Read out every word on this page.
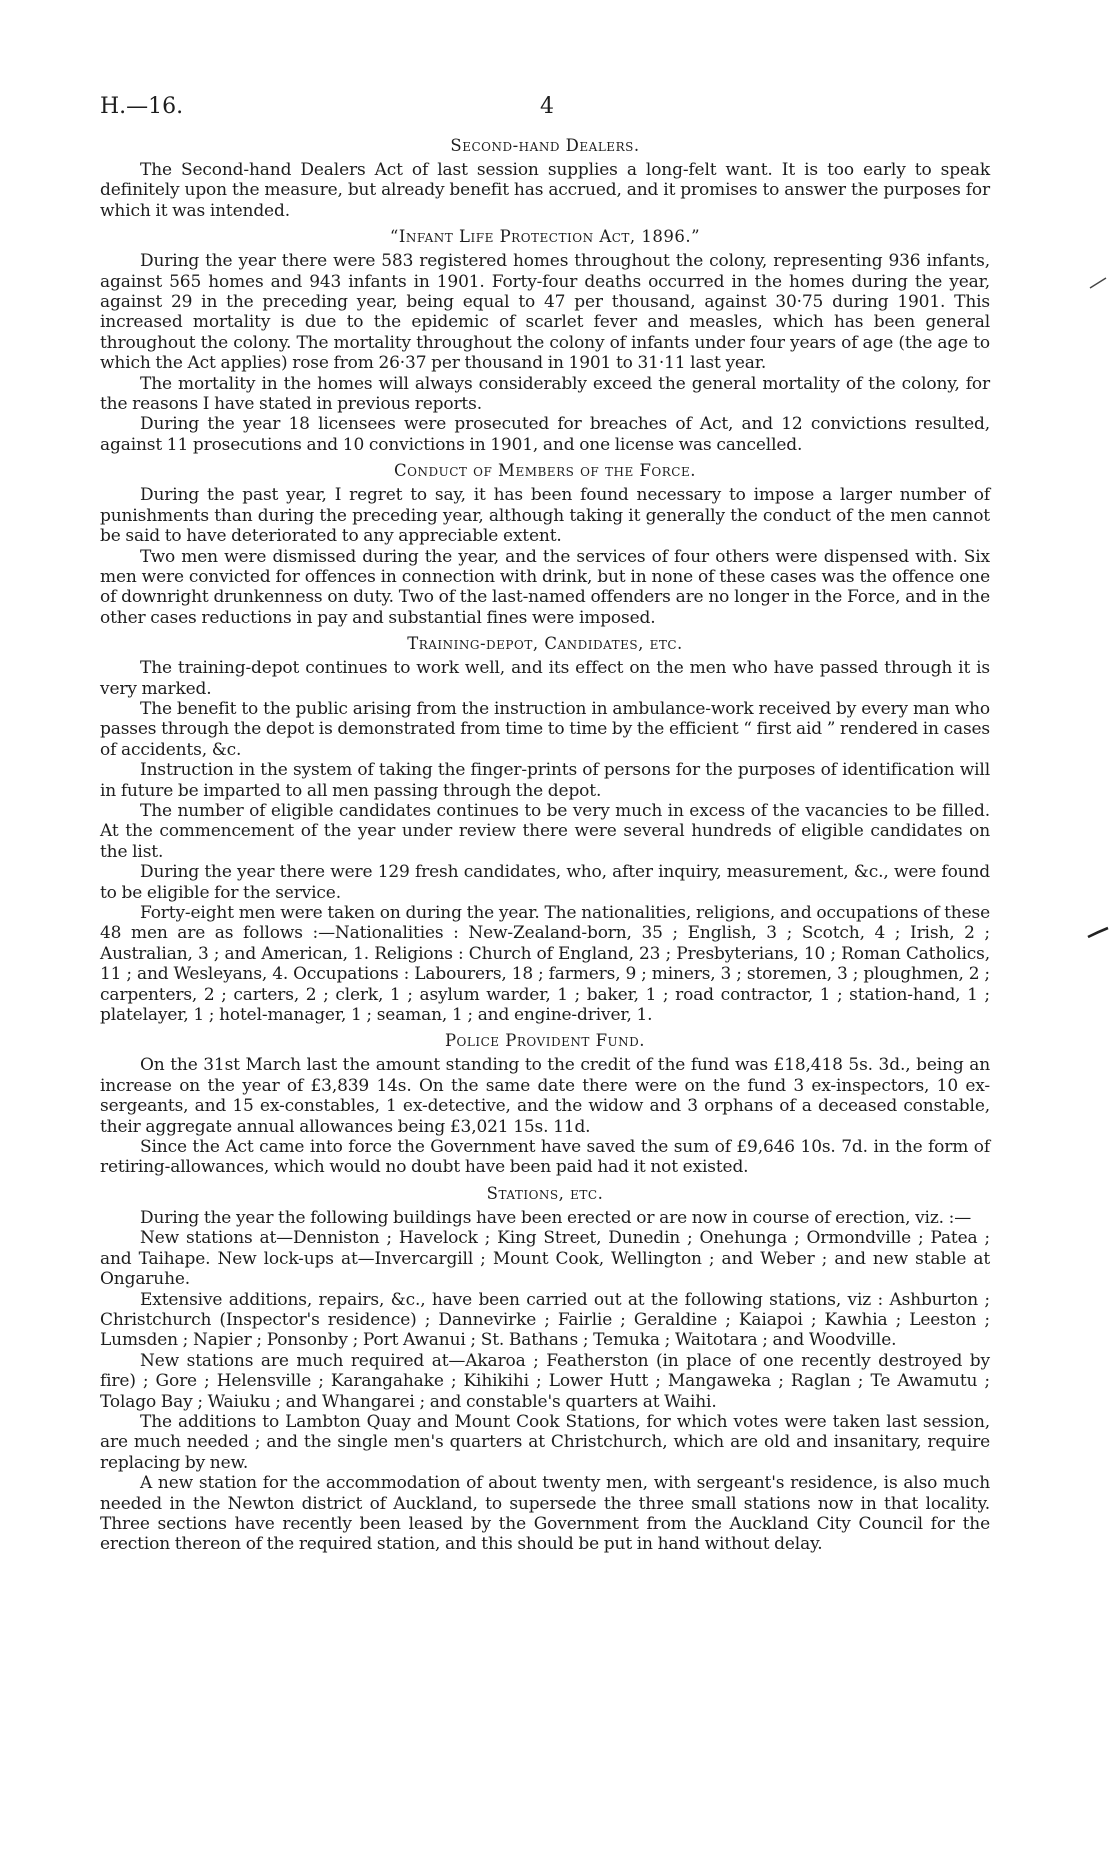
H.—16.	4
Second-hand Dealers.

The Second-hand Dealers Act of last session supplies a long-felt want. It is too early to speak definitely upon the measure, but already benefit has accrued, and it promises to answer the purposes for which it was intended.

“Infant Life Protection Act, 1896.”

During the year there were 583 registered homes throughout the colony, representing 936 infants, against 565 homes and 943 infants in 1901. Forty-four deaths occurred in the homes during the year, against 29 in the preceding year, being equal to 47 per thousand, against 30·75 during 1901. This increased mortality is due to the epidemic of scarlet fever and measles, which has been general throughout the colony. The mortality throughout the colony of infants under four years of age (the age to which the Act applies) rose from 26·37 per thousand in 1901 to 31·11 last year.

The mortality in the homes will always considerably exceed the general mortality of the colony, for the reasons I have stated in previous reports.

During the year 18 licensees were prosecuted for breaches of Act, and 12 convictions resulted, against 11 prosecutions and 10 convictions in 1901, and one license was cancelled.

Conduct of Members of the Force.

During the past year, I regret to say, it has been found necessary to impose a larger number of punishments than during the preceding year, although taking it generally the conduct of the men cannot be said to have deteriorated to any appreciable extent.

Two men were dismissed during the year, and the services of four others were dispensed with. Six men were convicted for offences in connection with drink, but in none of these cases was the offence one of downright drunkenness on duty. Two of the last-named offenders are no longer in the Force, and in the other cases reductions in pay and substantial fines were imposed.

Training-depot, Candidates, etc.

The training-depot continues to work well, and its effect on the men who have passed through it is very marked.

The benefit to the public arising from the instruction in ambulance-work received by every man who passes through the depot is demonstrated from time to time by the efficient “ first aid ” rendered in cases of accidents, &c.

Instruction in the system of taking the finger-prints of persons for the purposes of identification will in future be imparted to all men passing through the depot.

The number of eligible candidates continues to be very much in excess of the vacancies to be filled. At the commencement of the year under review there were several hundreds of eligible candidates on the list.

During the year there were 129 fresh candidates, who, after inquiry, measurement, &c., were found to be eligible for the service.

Forty-eight men were taken on during the year. The nationalities, religions, and occupations of these 48 men are as follows :—Nationalities : New-Zealand-born, 35 ; English, 3 ; Scotch, 4 ; Irish, 2 ; Australian, 3 ; and American, 1. Religions : Church of England, 23 ; Presbyterians, 10 ; Roman Catholics, 11 ; and Wesleyans, 4. Occupations : Labourers, 18 ; farmers, 9 ; miners, 3 ; storemen, 3 ; ploughmen, 2 ; carpenters, 2 ; carters, 2 ; clerk, 1 ; asylum warder, 1 ; baker, 1 ; road contractor, 1 ; station-hand, 1 ; platelayer, 1 ; hotel-manager, 1 ; seaman, 1 ; and engine-driver, 1.

Police Provident Fund.

On the 31st March last the amount standing to the credit of the fund was £18,418 5s. 3d., being an increase on the year of £3,839 14s. On the same date there were on the fund 3 ex-inspectors, 10 ex-sergeants, and 15 ex-constables, 1 ex-detective, and the widow and 3 orphans of a deceased constable, their aggregate annual allowances being £3,021 15s. 11d.

Since the Act came into force the Government have saved the sum of £9,646 10s. 7d. in the form of retiring-allowances, which would no doubt have been paid had it not existed.

Stations, etc.

During the year the following buildings have been erected or are now in course of erection, viz. :—

New stations at—Denniston ; Havelock ; King Street, Dunedin ; Onehunga ; Ormondville ; Patea ; and Taihape. New lock-ups at—Invercargill ; Mount Cook, Wellington ; and Weber ; and new stable at Ongaruhe.

Extensive additions, repairs, &c., have been carried out at the following stations, viz : Ashburton ; Christchurch (Inspector's residence) ; Dannevirke ; Fairlie ; Geraldine ; Kaiapoi ; Kawhia ; Leeston ; Lumsden ; Napier ; Ponsonby ; Port Awanui ; St. Bathans ; Temuka ; Waitotara ; and Woodville.

New stations are much required at—Akaroa ; Featherston (in place of one recently destroyed by fire) ; Gore ; Helensville ; Karangahake ; Kihikihi ; Lower Hutt ; Mangaweka ; Raglan ; Te Awamutu ; Tolago Bay ; Waiuku ; and Whangarei ; and constable's quarters at Waihi.

The additions to Lambton Quay and Mount Cook Stations, for which votes were taken last session, are much needed ; and the single men's quarters at Christchurch, which are old and insanitary, require replacing by new.

A new station for the accommodation of about twenty men, with sergeant's residence, is also much needed in the Newton district of Auckland, to supersede the three small stations now in that locality. Three sections have recently been leased by the Government from the Auckland City Council for the erection thereon of the required station, and this should be put in hand without delay.
